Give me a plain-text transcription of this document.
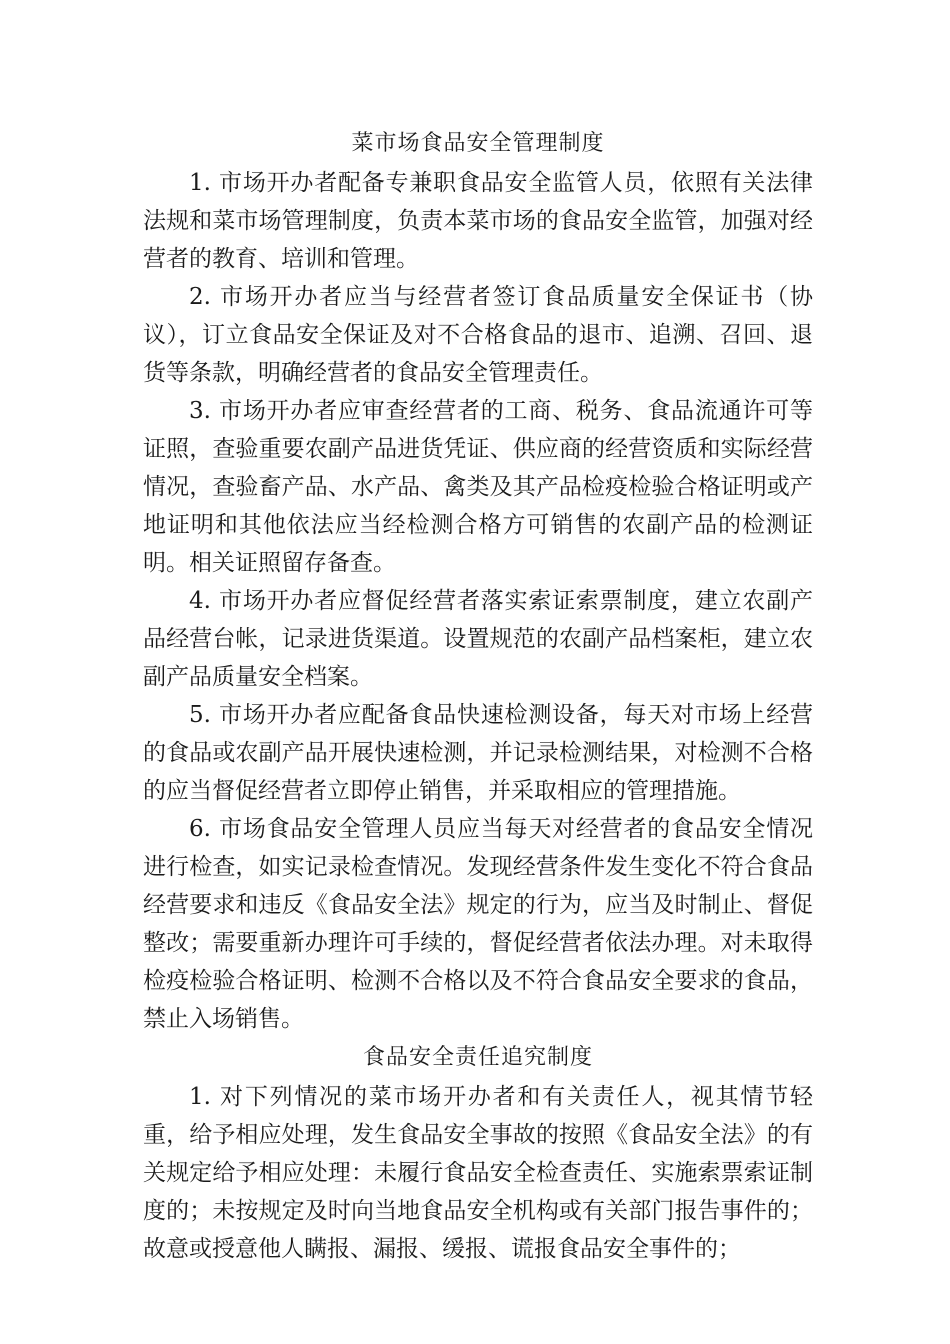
菜市场食品安全管理制度

1. 市场开办者配备专兼职食品安全监管人员，依照有关法律法规和菜市场管理制度，负责本菜市场的食品安全监管，加强对经营者的教育、培训和管理。

2. 市场开办者应当与经营者签订食品质量安全保证书（协议），订立食品安全保证及对不合格食品的退市、追溯、召回、退货等条款，明确经营者的食品安全管理责任。

3. 市场开办者应审查经营者的工商、税务、食品流通许可等证照，查验重要农副产品进货凭证、供应商的经营资质和实际经营情况，查验畜产品、水产品、禽类及其产品检疫检验合格证明或产地证明和其他依法应当经检测合格方可销售的农副产品的检测证明。相关证照留存备查。

4. 市场开办者应督促经营者落实索证索票制度，建立农副产品经营台帐，记录进货渠道。设置规范的农副产品档案柜，建立农副产品质量安全档案。

5. 市场开办者应配备食品快速检测设备，每天对市场上经营的食品或农副产品开展快速检测，并记录检测结果，对检测不合格的应当督促经营者立即停止销售，并采取相应的管理措施。

6. 市场食品安全管理人员应当每天对经营者的食品安全情况进行检查，如实记录检查情况。发现经营条件发生变化不符合食品经营要求和违反《食品安全法》规定的行为，应当及时制止、督促整改；需要重新办理许可手续的，督促经营者依法办理。对未取得检疫检验合格证明、检测不合格以及不符合食品安全要求的食品，禁止入场销售。

食品安全责任追究制度

1. 对下列情况的菜市场开办者和有关责任人，视其情节轻重，给予相应处理，发生食品安全事故的按照《食品安全法》的有关规定给予相应处理：未履行食品安全检查责任、实施索票索证制度的；未按规定及时向当地食品安全机构或有关部门报告事件的；故意或授意他人瞒报、漏报、缓报、谎报食品安全事件的；
